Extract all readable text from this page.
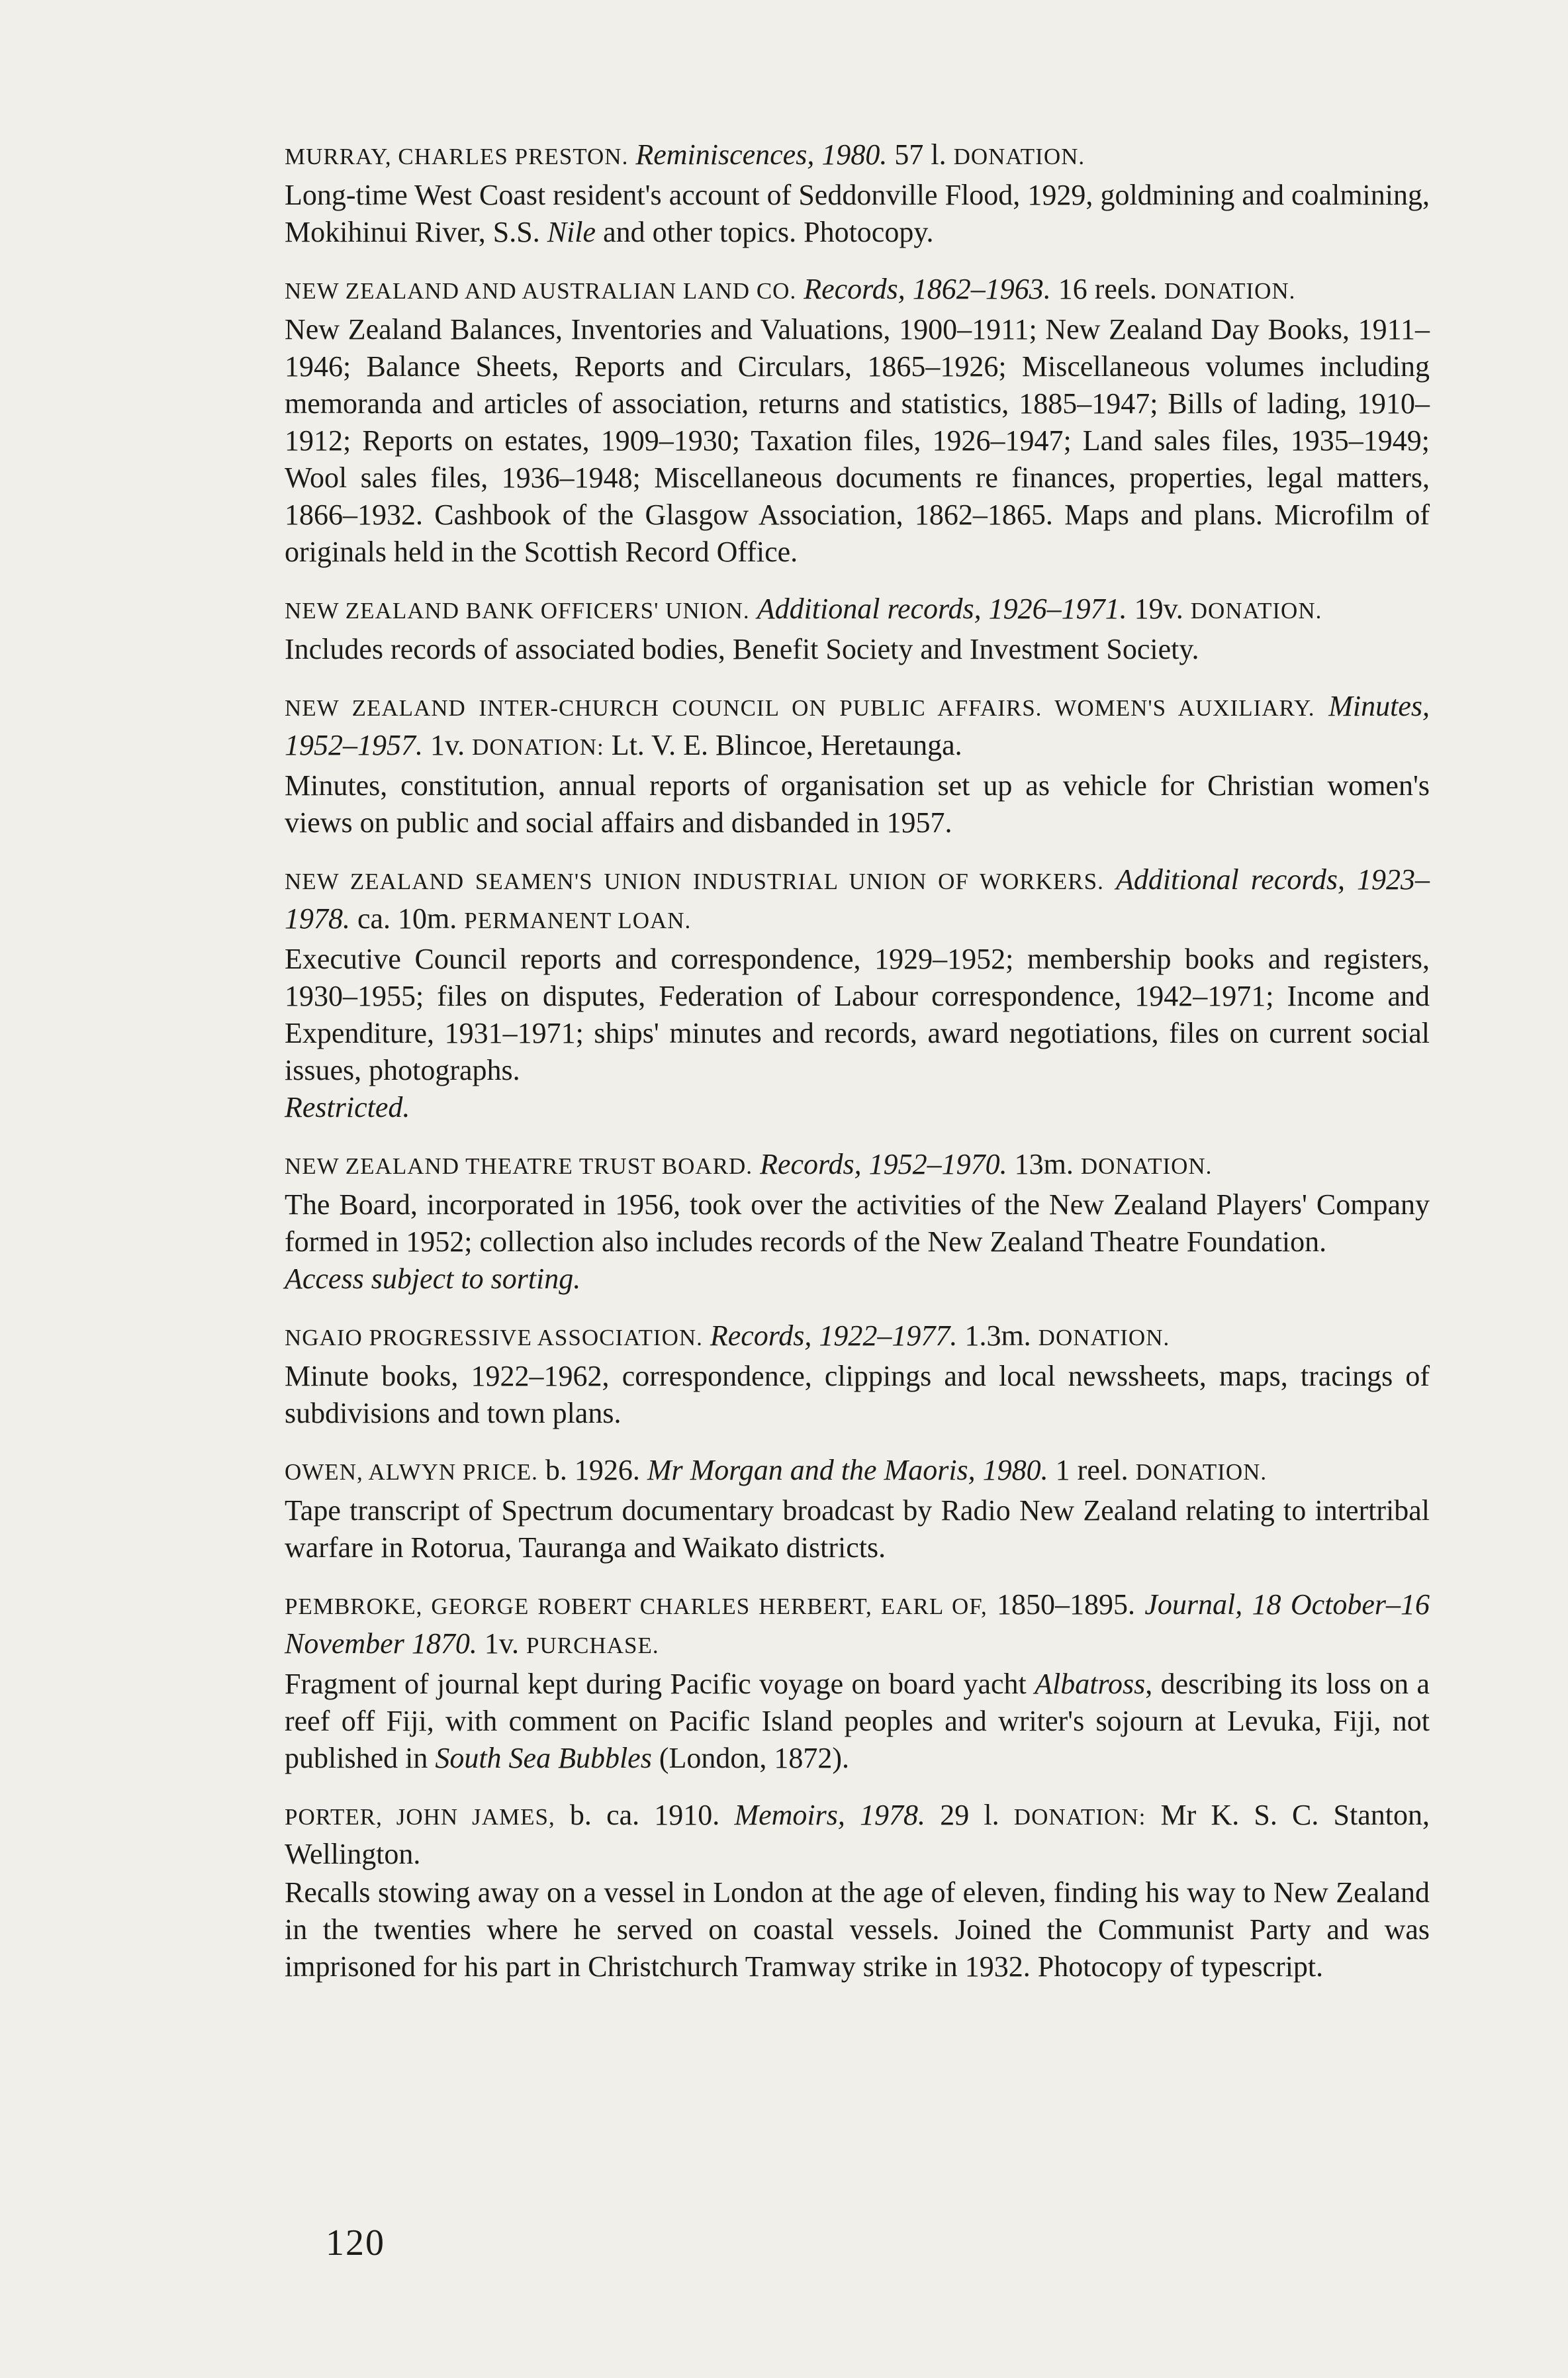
MURRAY, CHARLES PRESTON. Reminiscences, 1980. 57 l. DONATION.

Long-time West Coast resident's account of Seddonville Flood, 1929, goldmining and coalmining, Mokihinui River, S.S. Nile and other topics. Photocopy.

NEW ZEALAND AND AUSTRALIAN LAND CO. Records, 1862–1963. 16 reels. DONATION.

New Zealand Balances, Inventories and Valuations, 1900–1911; New Zealand Day Books, 1911–1946; Balance Sheets, Reports and Circulars, 1865–1926; Miscellaneous volumes including memoranda and articles of association, returns and statistics, 1885–1947; Bills of lading, 1910–1912; Reports on estates, 1909–1930; Taxation files, 1926–1947; Land sales files, 1935–1949; Wool sales files, 1936–1948; Miscellaneous documents re finances, properties, legal matters, 1866–1932. Cashbook of the Glasgow Association, 1862–1865. Maps and plans. Microfilm of originals held in the Scottish Record Office.

NEW ZEALAND BANK OFFICERS' UNION. Additional records, 1926–1971. 19v. DONATION.

Includes records of associated bodies, Benefit Society and Investment Society.

NEW ZEALAND INTER-CHURCH COUNCIL ON PUBLIC AFFAIRS. WOMEN'S AUXILIARY. Minutes, 1952–1957. 1v. DONATION: Lt. V. E. Blincoe, Heretaunga.

Minutes, constitution, annual reports of organisation set up as vehicle for Christian women's views on public and social affairs and disbanded in 1957.

NEW ZEALAND SEAMEN'S UNION INDUSTRIAL UNION OF WORKERS. Additional records, 1923–1978. ca. 10m. PERMANENT LOAN.

Executive Council reports and correspondence, 1929–1952; membership books and registers, 1930–1955; files on disputes, Federation of Labour correspondence, 1942–1971; Income and Expenditure, 1931–1971; ships' minutes and records, award negotiations, files on current social issues, photographs.

Restricted.

NEW ZEALAND THEATRE TRUST BOARD. Records, 1952–1970. 13m. DONATION.

The Board, incorporated in 1956, took over the activities of the New Zealand Players' Company formed in 1952; collection also includes records of the New Zealand Theatre Foundation.

Access subject to sorting.

NGAIO PROGRESSIVE ASSOCIATION. Records, 1922–1977. 1.3m. DONATION.

Minute books, 1922–1962, correspondence, clippings and local newssheets, maps, tracings of subdivisions and town plans.

OWEN, ALWYN PRICE. b. 1926. Mr Morgan and the Maoris, 1980. 1 reel. DONATION.

Tape transcript of Spectrum documentary broadcast by Radio New Zealand relating to intertribal warfare in Rotorua, Tauranga and Waikato districts.

PEMBROKE, GEORGE ROBERT CHARLES HERBERT, EARL OF, 1850–1895. Journal, 18 October–16 November 1870. 1v. PURCHASE.

Fragment of journal kept during Pacific voyage on board yacht Albatross, describing its loss on a reef off Fiji, with comment on Pacific Island peoples and writer's sojourn at Levuka, Fiji, not published in South Sea Bubbles (London, 1872).

PORTER, JOHN JAMES, b. ca. 1910. Memoirs, 1978. 29 l. DONATION: Mr K. S. C. Stanton, Wellington.

Recalls stowing away on a vessel in London at the age of eleven, finding his way to New Zealand in the twenties where he served on coastal vessels. Joined the Communist Party and was imprisoned for his part in Christchurch Tramway strike in 1932. Photocopy of typescript.

120
